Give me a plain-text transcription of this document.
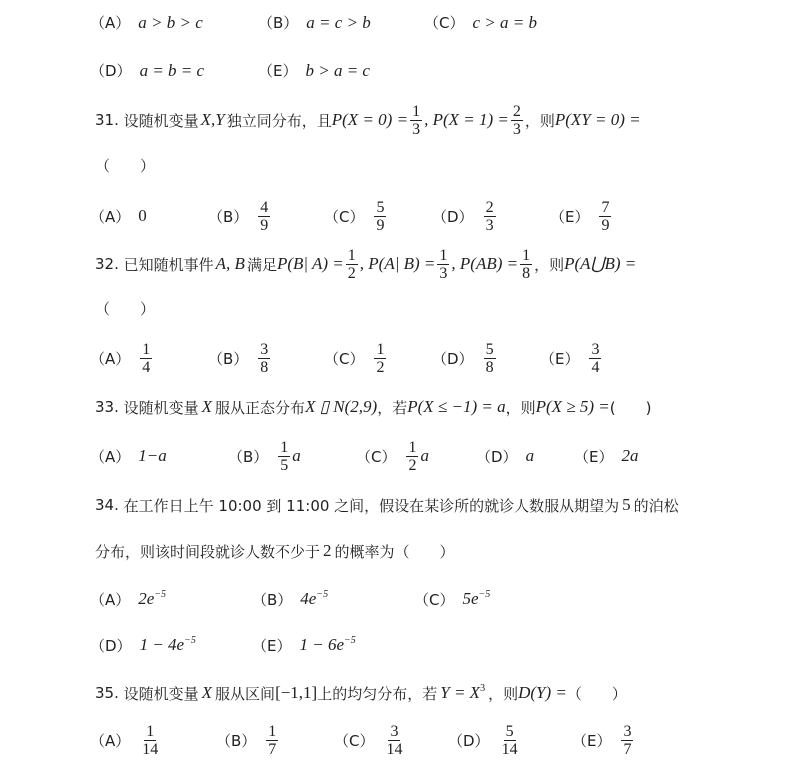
（A） a > b > c	（B） a = c > b	（C） c > a = b
（D） a = b = c	（E） b > a = c
31.
设随机变量 X,Y 独立同分布，且 $P(X = 0) = \frac{1}{3}$ , $P(X = 1) = \frac{2}{3}$ ，则 P(XY = 0) =
（　　）
（A） 0	$(B) \frac{4}{9}$	$(C) \frac{5}{9}$	$(D) \frac{2}{3}$	$(E) \frac{7}{9}$
32.
已知随机事件 A, B 满足 P(B| $A) = \frac{1}{2}$ , P(A| $B) = \frac{1}{3}$ , $P(AB) = \frac{1}{8}$ ，则 P(A⋃B) =
（　　）
$(A) \frac{1}{4}$	$(B) \frac{3}{8}$	$(C) \frac{1}{2}$	$(D) \frac{5}{8}$	$(E) \frac{3}{4}$
33.
设随机变量 X 服从正态分布 X ▯ N(2,9) ，若 P(X ≤ −1) = a ，则 P(X ≥ 5) = (　　)
（A） 1−a	$(B) \frac{1}{5}$ a	$(C) \frac{1}{2}$ a	（D） a	（E） 2a
34.
在工作日上午 10:00 到 11:00 之间，假设在某诊所的就诊人数服从期望为 5 的泊松
分布，则该时间段就诊人数不少于 2 的概率为（　　）
（A） $2e^{-5}$	（B） $4e^{-5}$	（C） $5e^{-5}$
（D） $1 - 4e^{-5}$	（E） $1 - 6e^{-5}$
35.
设随机变量 X 服从区间 [−1,1] 上的均匀分布，若 $Y = X^3$ ，则 D(Y) = （　　）
$(A) \frac{1}{14}$	$(B) \frac{1}{7}$	$(C) \frac{3}{14}$	$(D) \frac{5}{14}$	$(E) \frac{3}{7}$
